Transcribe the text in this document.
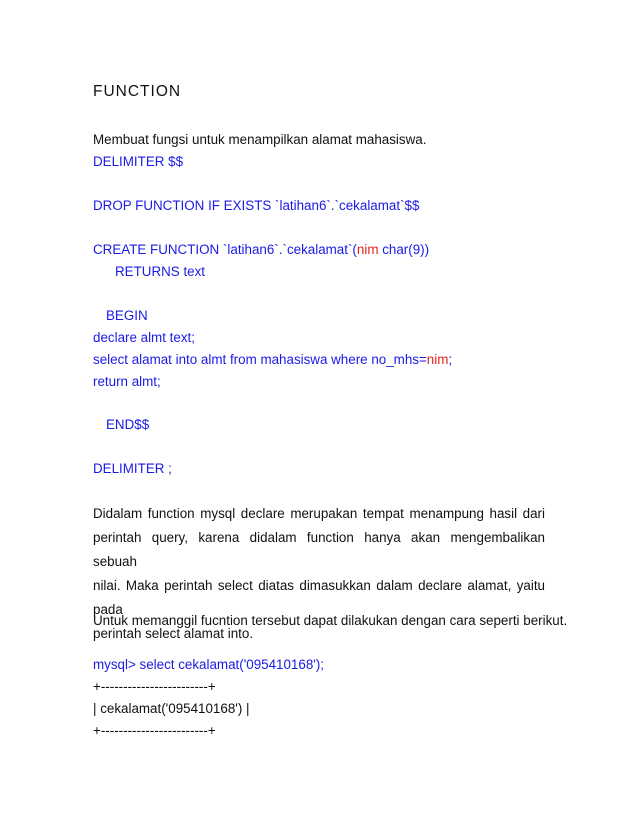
FUNCTION
Membuat fungsi untuk menampilkan alamat mahasiswa.
DELIMITER $$
DROP FUNCTION IF EXISTS `latihan6`.`cekalamat`$$
CREATE FUNCTION `latihan6`.`cekalamat`(nim char(9))
RETURNS text
BEGIN
declare almt text;
select alamat into almt from mahasiswa where no_mhs=nim;
return almt;
END$$
DELIMITER ;
Didalam function mysql declare merupakan tempat menampung hasil dari
perintah query, karena didalam function hanya akan mengembalikan sebuah
nilai. Maka perintah select diatas dimasukkan dalam declare alamat, yaitu pada
perintah select alamat into.
Untuk memanggil fucntion tersebut dapat dilakukan dengan cara seperti berikut.
mysql> select cekalamat('095410168');
+------------------------+
| cekalamat('095410168') |
+------------------------+
